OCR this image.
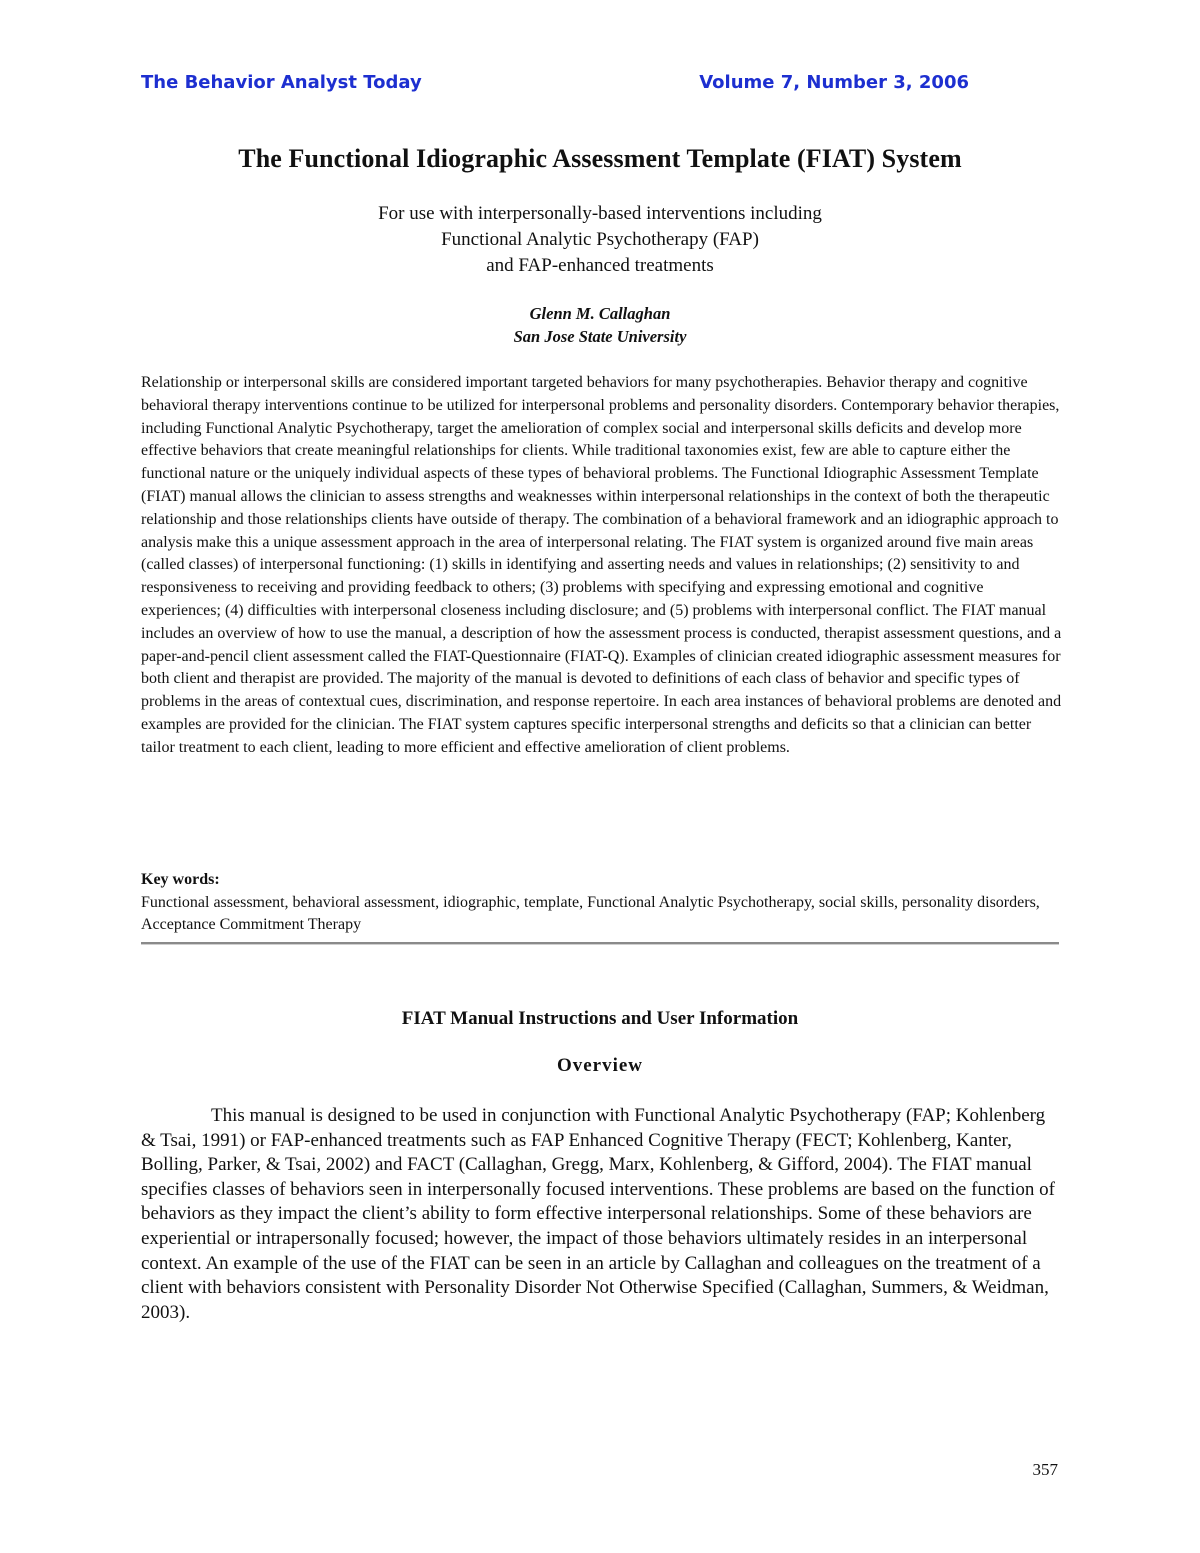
The Behavior Analyst Today	Volume 7, Number 3, 2006
The Functional Idiographic Assessment Template (FIAT) System
For use with interpersonally-based interventions including
Functional Analytic Psychotherapy (FAP)
and FAP-enhanced treatments
Glenn M. Callaghan
San Jose State University
Relationship or interpersonal skills are considered important targeted behaviors for many psychotherapies. Behavior therapy and cognitive behavioral therapy interventions continue to be utilized for interpersonal problems and personality disorders. Contemporary behavior therapies, including Functional Analytic Psychotherapy, target the amelioration of complex social and interpersonal skills deficits and develop more effective behaviors that create meaningful relationships for clients. While traditional taxonomies exist, few are able to capture either the functional nature or the uniquely individual aspects of these types of behavioral problems. The Functional Idiographic Assessment Template (FIAT) manual allows the clinician to assess strengths and weaknesses within interpersonal relationships in the context of both the therapeutic relationship and those relationships clients have outside of therapy. The combination of a behavioral framework and an idiographic approach to analysis make this a unique assessment approach in the area of interpersonal relating. The FIAT system is organized around five main areas (called classes) of interpersonal functioning: (1) skills in identifying and asserting needs and values in relationships; (2) sensitivity to and responsiveness to receiving and providing feedback to others; (3) problems with specifying and expressing emotional and cognitive experiences; (4) difficulties with interpersonal closeness including disclosure; and (5) problems with interpersonal conflict. The FIAT manual includes an overview of how to use the manual, a description of how the assessment process is conducted, therapist assessment questions, and a paper-and-pencil client assessment called the FIAT-Questionnaire (FIAT-Q). Examples of clinician created idiographic assessment measures for both client and therapist are provided. The majority of the manual is devoted to definitions of each class of behavior and specific types of problems in the areas of contextual cues, discrimination, and response repertoire. In each area instances of behavioral problems are denoted and examples are provided for the clinician. The FIAT system captures specific interpersonal strengths and deficits so that a clinician can better tailor treatment to each client, leading to more efficient and effective amelioration of client problems.
Key words:
Functional assessment, behavioral assessment, idiographic, template, Functional Analytic Psychotherapy, social skills, personality disorders, Acceptance Commitment Therapy
FIAT Manual Instructions and User Information
Overview
This manual is designed to be used in conjunction with Functional Analytic Psychotherapy (FAP; Kohlenberg & Tsai, 1991) or FAP-enhanced treatments such as FAP Enhanced Cognitive Therapy (FECT; Kohlenberg, Kanter, Bolling, Parker, & Tsai, 2002) and FACT (Callaghan, Gregg, Marx, Kohlenberg, & Gifford, 2004). The FIAT manual specifies classes of behaviors seen in interpersonally focused interventions. These problems are based on the function of behaviors as they impact the client’s ability to form effective interpersonal relationships. Some of these behaviors are experiential or intrapersonally focused; however, the impact of those behaviors ultimately resides in an interpersonal context. An example of the use of the FIAT can be seen in an article by Callaghan and colleagues on the treatment of a client with behaviors consistent with Personality Disorder Not Otherwise Specified (Callaghan, Summers, & Weidman, 2003).
357
